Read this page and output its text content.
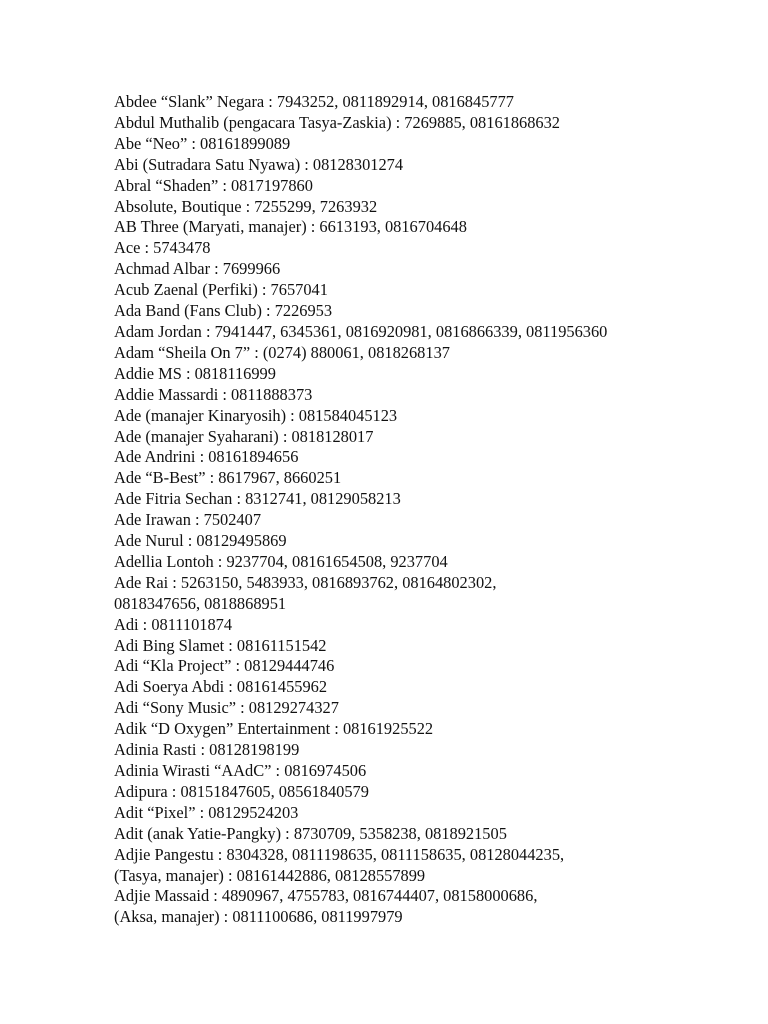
Abdee “Slank” Negara : 7943252, 0811892914, 0816845777
Abdul Muthalib (pengacara Tasya-Zaskia) : 7269885, 08161868632
Abe “Neo” : 08161899089
Abi (Sutradara Satu Nyawa) : 08128301274
Abral “Shaden” : 0817197860
Absolute, Boutique : 7255299, 7263932
AB Three (Maryati, manajer) : 6613193, 0816704648
Ace : 5743478
Achmad Albar : 7699966
Acub Zaenal (Perfiki) : 7657041
Ada Band (Fans Club) : 7226953
Adam Jordan : 7941447, 6345361, 0816920981, 0816866339, 0811956360
Adam “Sheila On 7” : (0274) 880061, 0818268137
Addie MS : 0818116999
Addie Massardi : 0811888373
Ade (manajer Kinaryosih) : 081584045123
Ade (manajer Syaharani) : 0818128017
Ade Andrini : 08161894656
Ade “B-Best” : 8617967, 8660251
Ade Fitria Sechan : 8312741, 08129058213
Ade Irawan : 7502407
Ade Nurul : 08129495869
Adellia Lontoh : 9237704, 08161654508, 9237704
Ade Rai : 5263150, 5483933, 0816893762, 08164802302,
0818347656, 0818868951
Adi : 0811101874
Adi Bing Slamet : 08161151542
Adi “Kla Project” : 08129444746
Adi Soerya Abdi : 08161455962
Adi “Sony Music” : 08129274327
Adik “D Oxygen” Entertainment : 08161925522
Adinia Rasti : 08128198199
Adinia Wirasti “AAdC” : 0816974506
Adipura : 08151847605, 08561840579
Adit “Pixel” : 08129524203
Adit (anak Yatie-Pangky) : 8730709, 5358238, 0818921505
Adjie Pangestu : 8304328, 0811198635, 0811158635, 08128044235,
(Tasya, manajer) : 08161442886, 08128557899
Adjie Massaid : 4890967, 4755783, 0816744407, 08158000686,
(Aksa, manajer) : 0811100686, 0811997979
